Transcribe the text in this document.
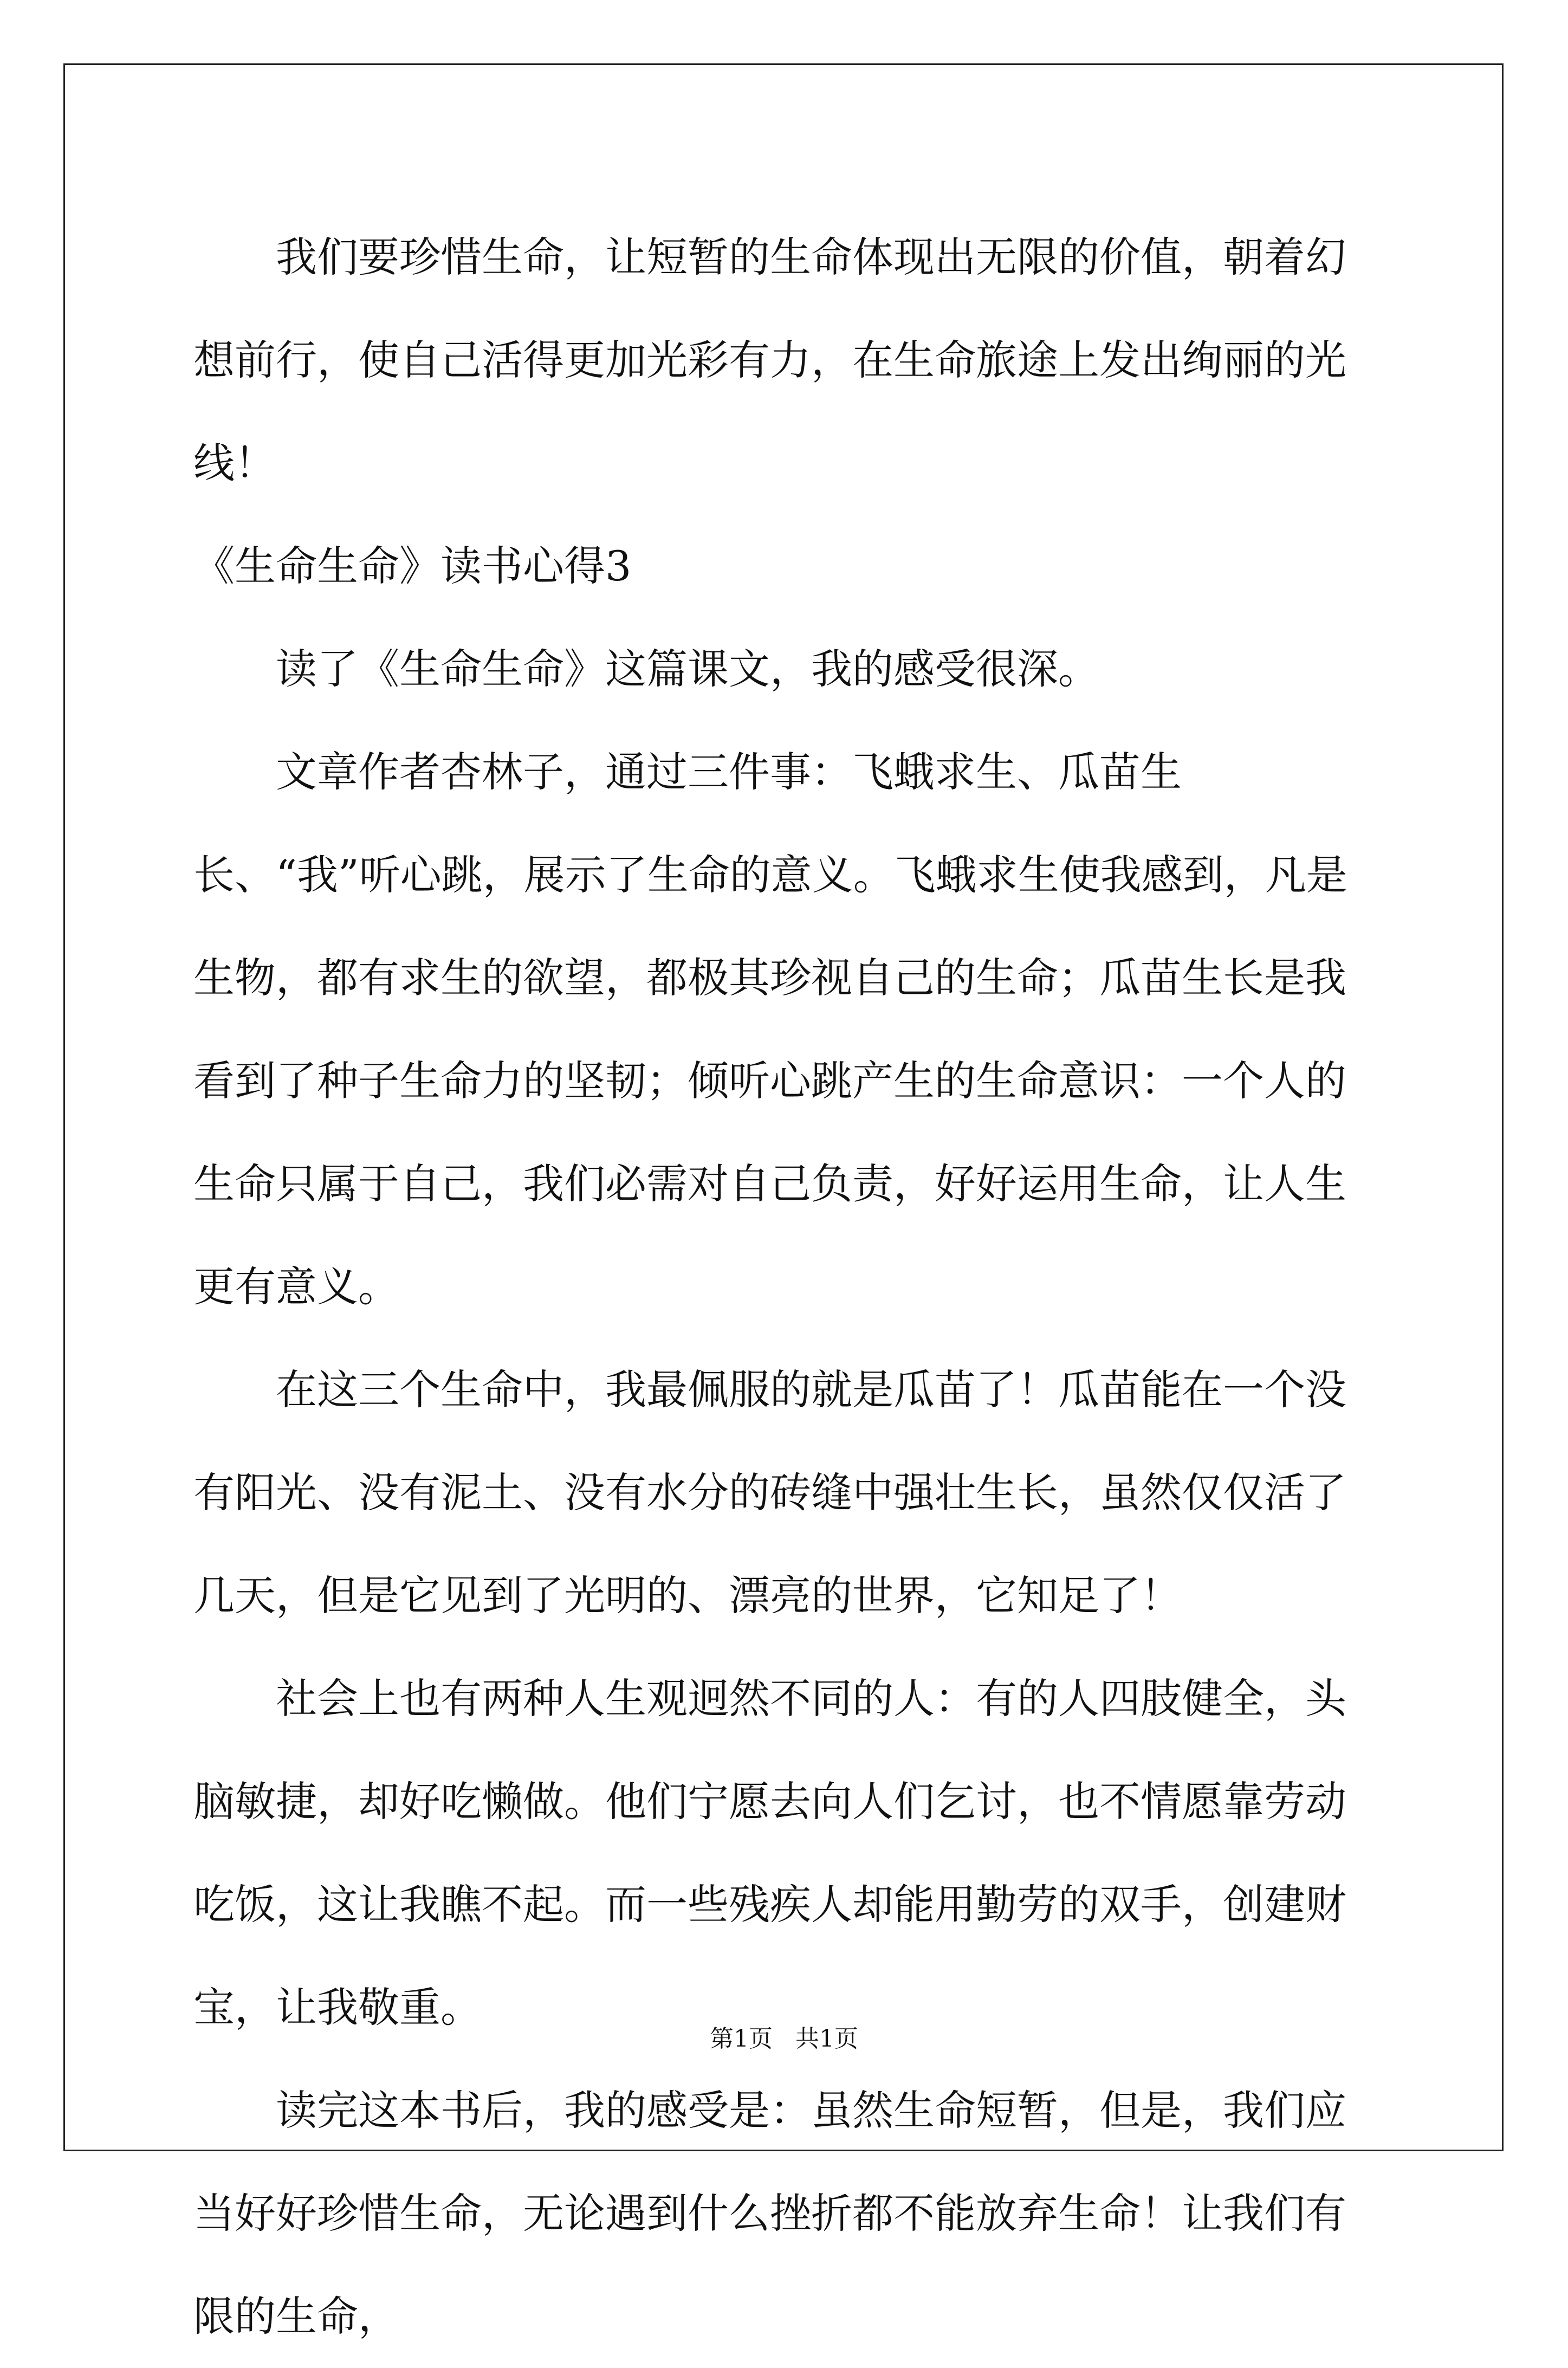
我们要珍惜生命，让短暂的生命体现出无限的价值，朝着幻想前行，使自己活得更加光彩有力，在生命旅途上发出绚丽的光线！

《生命生命》读书心得3

读了《生命生命》这篇课文，我的感受很深。

文章作者杏林子，通过三件事：飞蛾求生、瓜苗生长、“我”听心跳，展示了生命的意义。飞蛾求生使我感到，凡是生物，都有求生的欲望，都极其珍视自己的生命；瓜苗生长是我看到了种子生命力的坚韧；倾听心跳产生的生命意识：一个人的生命只属于自己，我们必需对自己负责，好好运用生命，让人生更有意义。

在这三个生命中，我最佩服的就是瓜苗了！瓜苗能在一个没有阳光、没有泥土、没有水分的砖缝中强壮生长，虽然仅仅活了几天，但是它见到了光明的、漂亮的世界，它知足了！

社会上也有两种人生观迥然不同的人：有的人四肢健全，头脑敏捷，却好吃懒做。他们宁愿去向人们乞讨，也不情愿靠劳动吃饭，这让我瞧不起。而一些残疾人却能用勤劳的双手，创建财宝，让我敬重。

读完这本书后，我的感受是：虽然生命短暂，但是，我们应当好好珍惜生命，无论遇到什么挫折都不能放弃生命！让我们有限的生命，

第1页   共1页
